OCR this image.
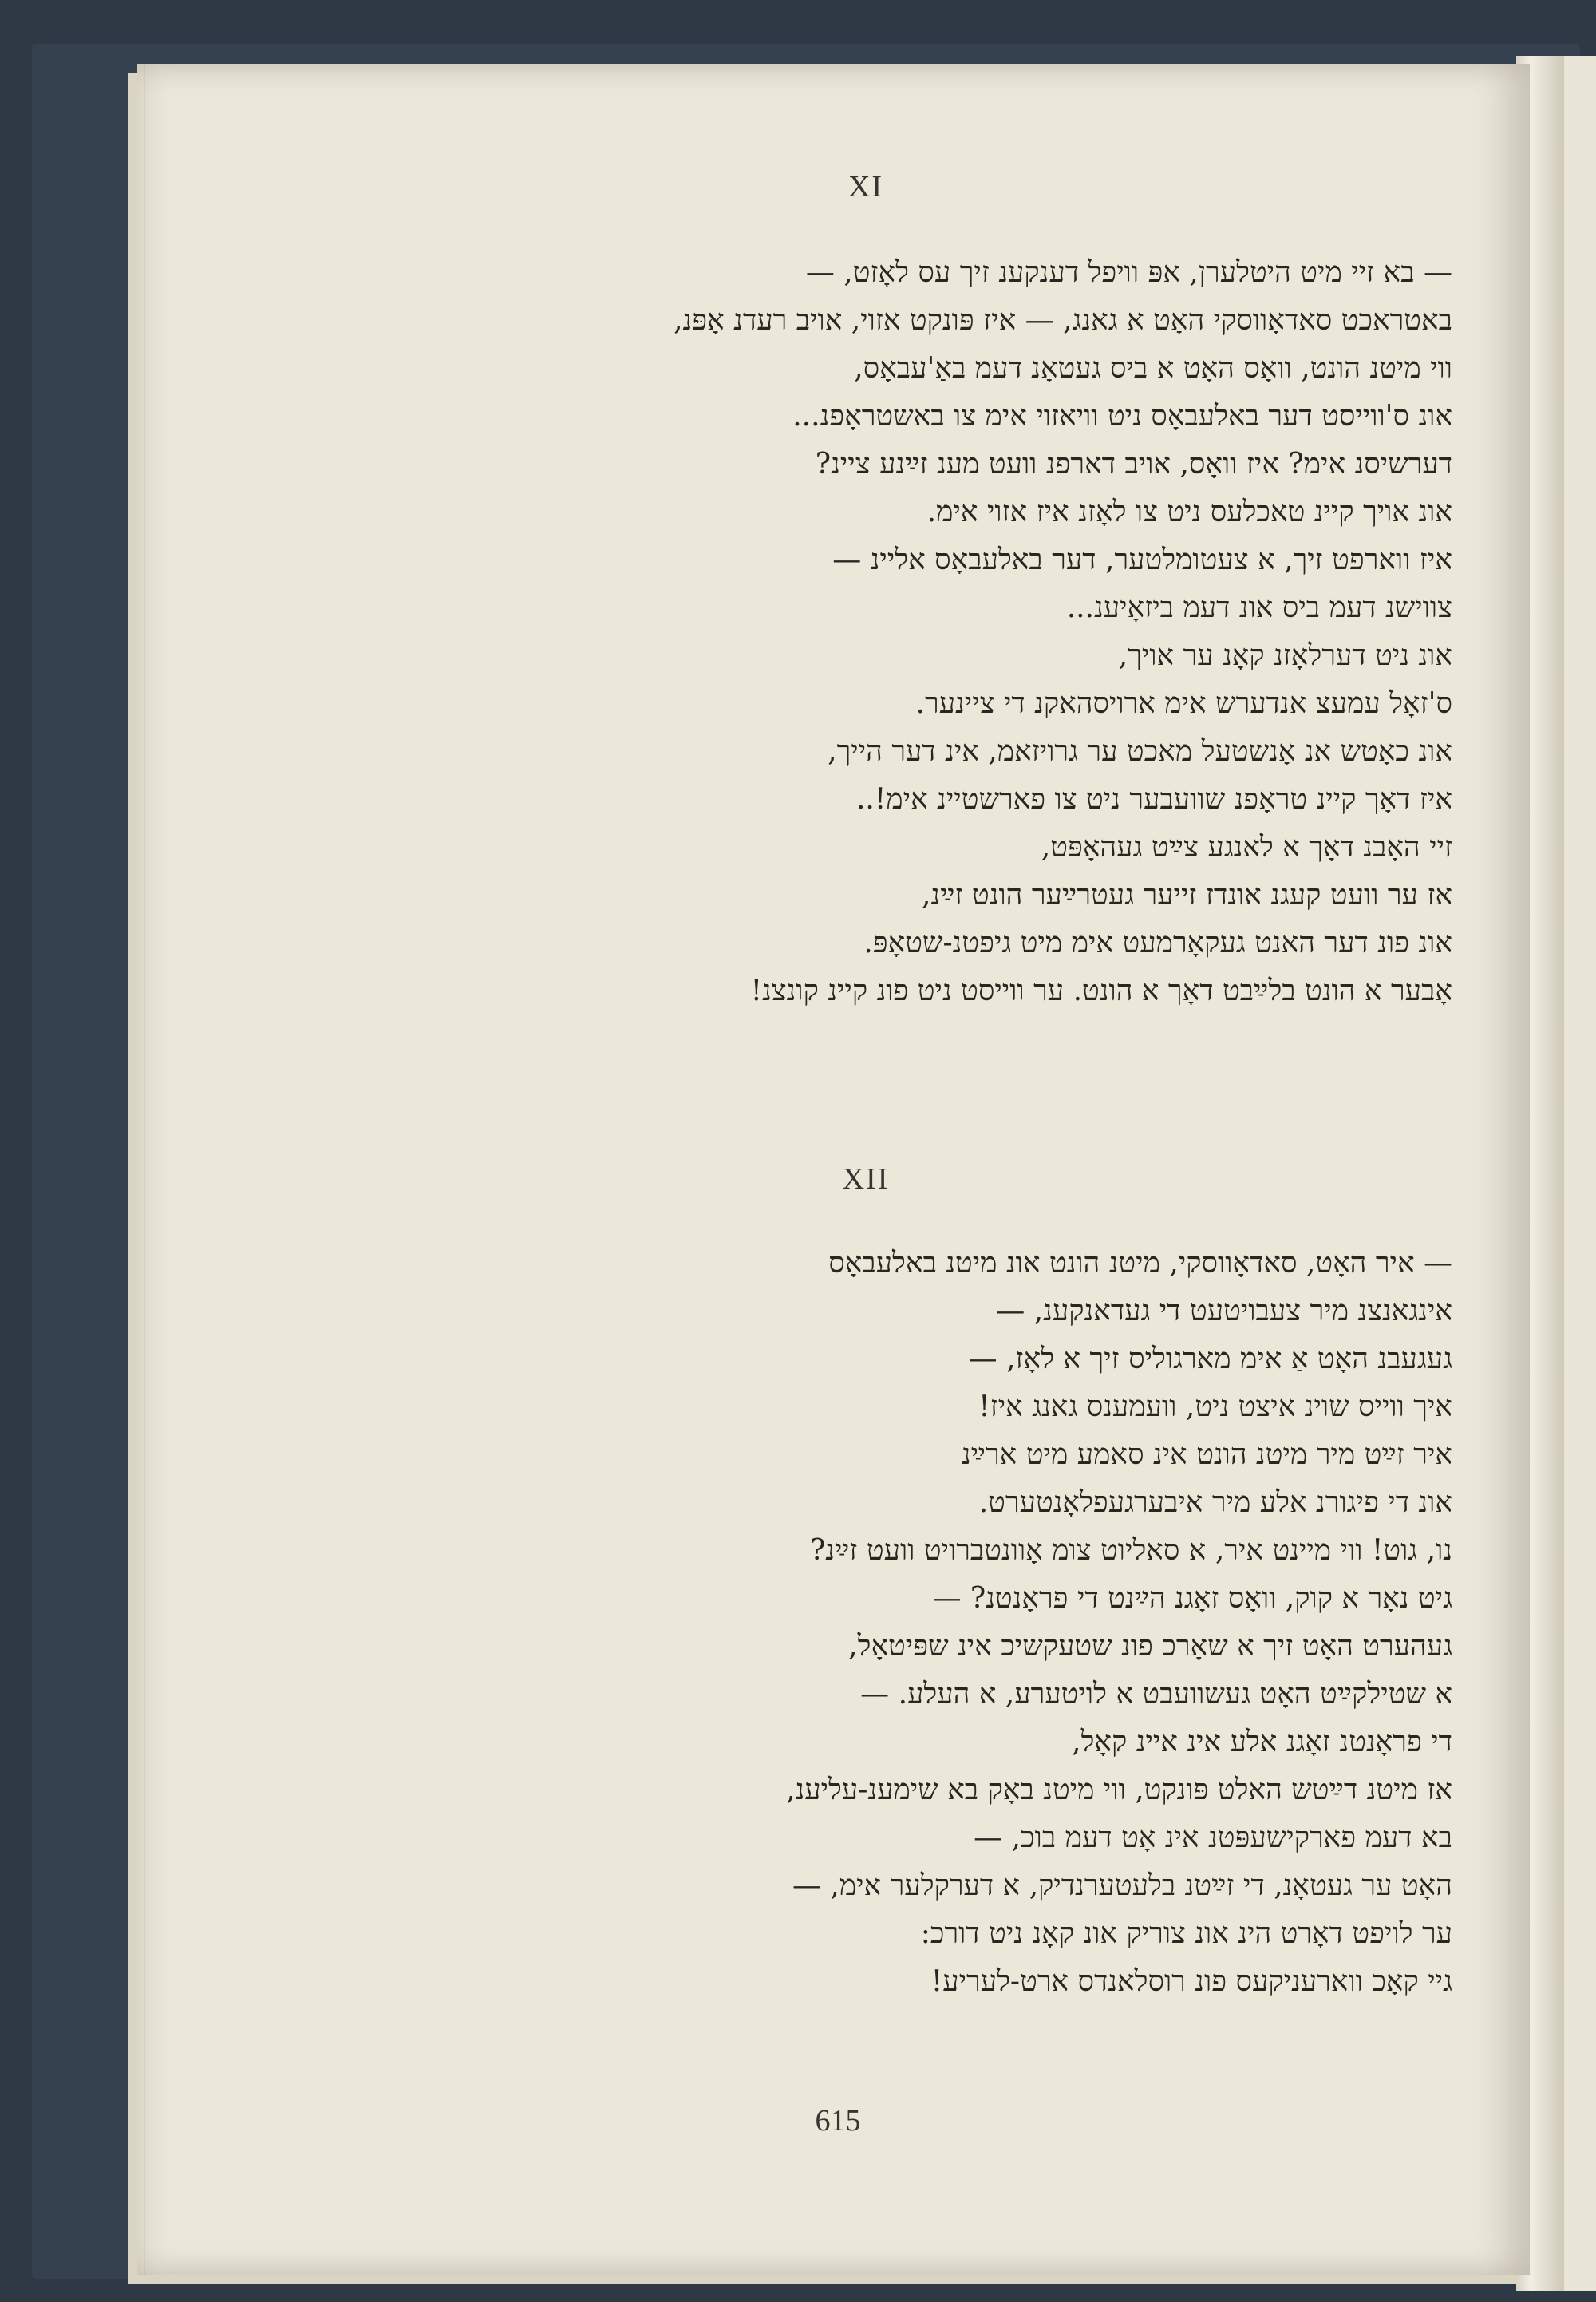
XI
— בא זיי מיט היטלערן, אפּ וויפל דענקענ זיך עס לאָזט, —
באטראכט סאדאָווסקי האָט א גאנג, — איז פּונקט אזוי, אויב רעדנ אָפּנ,
ווי מיטנ הונט, וואָס האָט א ביס געטאָנ דעמ באַ'עבאָס,
אונ ס'ווייסט דער באלעבאָס ניט וויאזוי אימ צו באשטראָפנ...
דערשיסנ אימ? איז וואָס, אויב דארפנ וועט מענ זײַנע ציינ?
אונ אויך קיינ טאכלעס ניט צו לאָזנ איז אזוי אימ.
איז ווארפט זיך, א צעטומלטער, דער באלעבאָס אליינ —
צווישנ דעמ ביס אונ דעמ ביזאָיענ...
אונ ניט דערלאָזנ קאָנ ער אויך,
ס'זאָל עמעצ אנדערש אימ ארויסהאקנ די ציינער.
אונ כאָטש אנ אָנשטעל מאכט ער גרויזאמ, אינ דער הייך,
איז דאָך קיינ טראָפנ שוועבער ניט צו פארשטיינ אימ!..
זיי האָבנ דאָך א לאנגע צײַט געהאָפּט,
אז ער וועט קעגנ אונדז זייער געטרײַער הונט זײַנ,
אונ פונ דער האנט געקאָרמעט אימ מיט גיפטנ-שטאָפּ.
אָבער א הונט בלײַבט דאָך א הונט. ער ווייסט ניט פונ קיינ קונצנ!
XII
— איר האָט, סאדאָווסקי, מיטנ הונט אונ מיטנ באלעבאָס
אינגאנצנ מיר צעבויטעט די געדאנקענ, —
געגעבנ האָט אַ אימ מארגוליס זיך א לאָז, —
איך ווייס שוינ איצט ניט, וועמענס גאנג איז!
איר זײַט מיר מיטנ הונט אינ סאמע מיט ארײַנ
אונ די פיגורנ אלע מיר איבערגעפלאָנטערט.
נו, גוט! ווי מיינט איר, א סאליוט צומ אָוונטברויט וועט זײַנ?
גיט נאָר א קוק, וואָס זאָגנ הײַנט די פראָנטנ? —
געהערט האָט זיך א שאָרכ פונ שטעקשיכ אינ שפּיטאָל,
א שטילקײַט האָט געשוועבט א לויטערע, א העלע. —
די פראָנטנ זאָגנ אלע אינ איינ קאָל,
אז מיטנ דײַטש האלט פּונקט, ווי מיטנ באָק בא שימענ-עליענ,
בא דעמ פארקישעפּטנ אינ אָט דעמ בוכ, —
האָט ער געטאָנ, די זײַטנ בלעטערנדיק, א דערקלער אימ, —
ער לויפט דאָרט הינ אונ צוריק אונ קאָנ ניט דורכ:
גיי קאָכ ווארעניקעס פונ רוסלאנדס ארט-לעריע!
615
